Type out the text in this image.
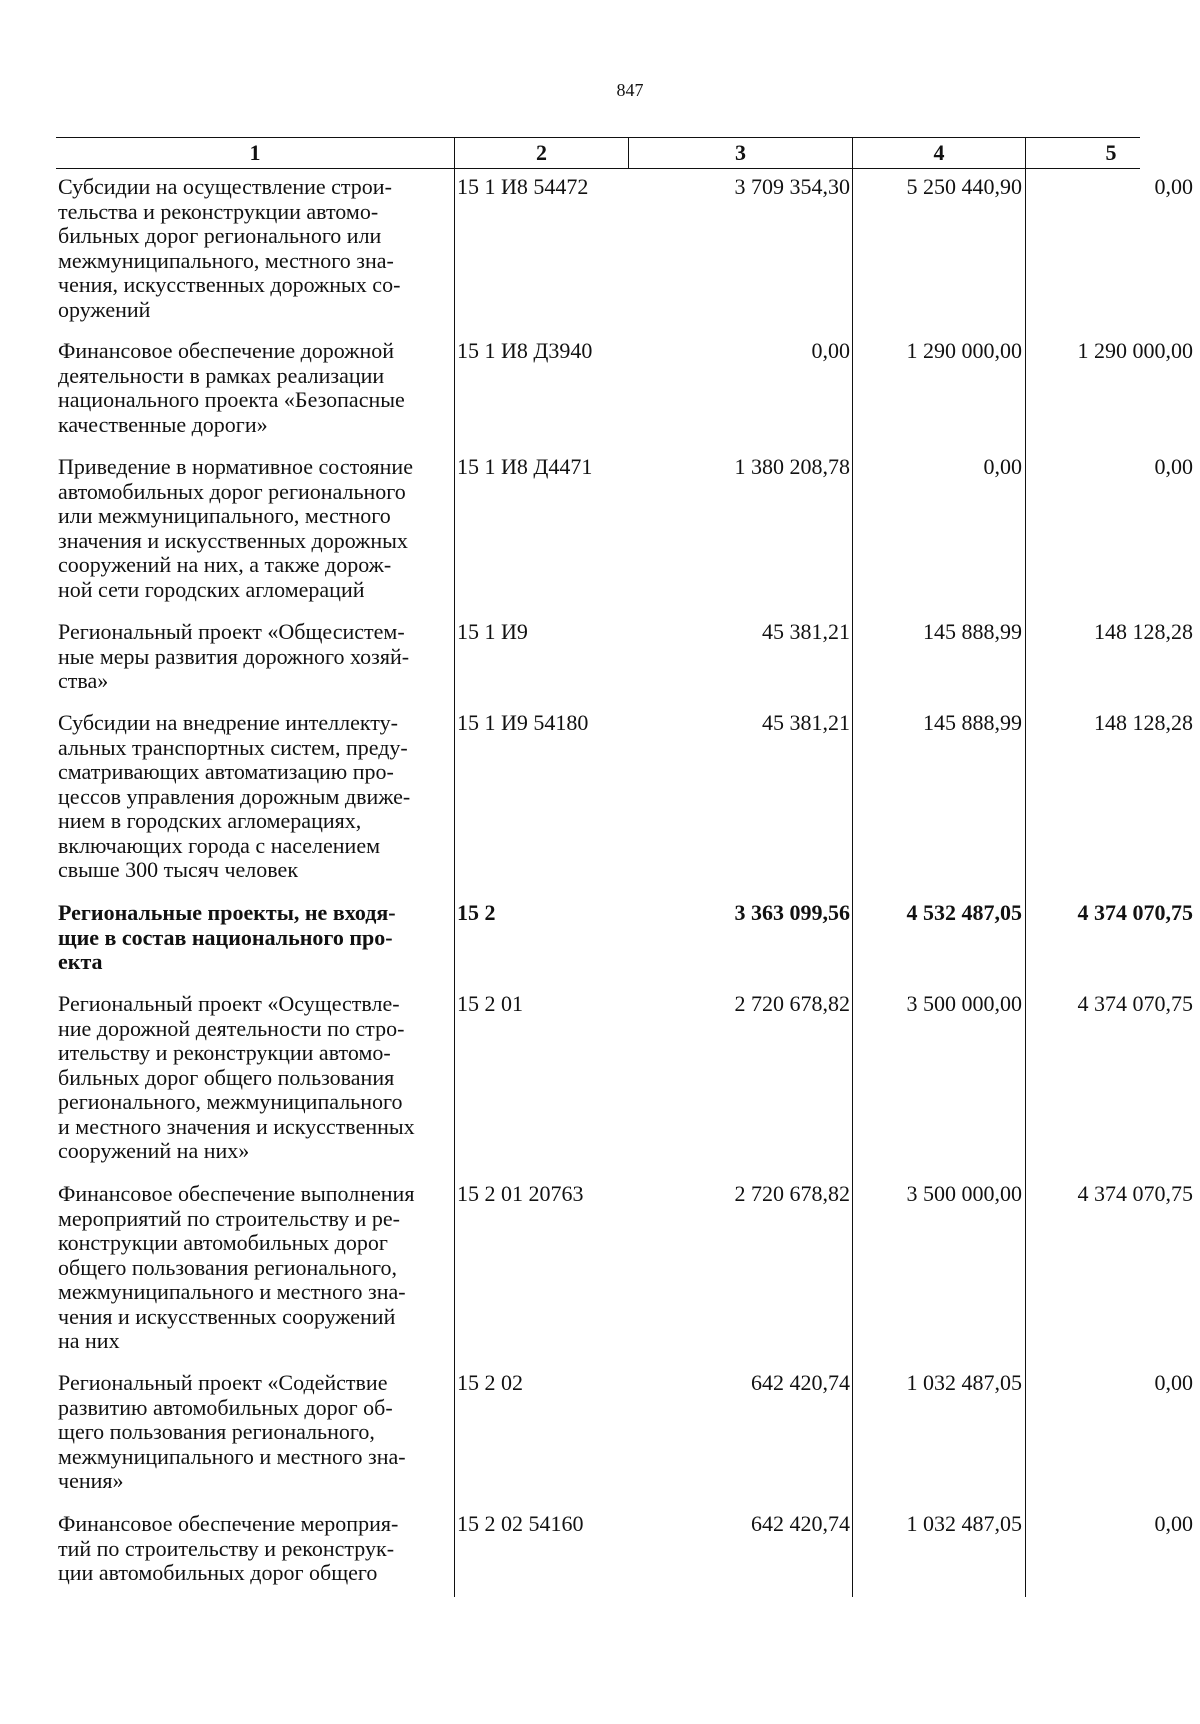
847
1	2	3	4	5
Субсидии на осуществление строи-
тельства и реконструкции автомо-
бильных дорог регионального или
межмуниципального, местного зна-
чения, искусственных дорожных со-
оружений
15 1 И8 54472	3 709 354,30	5 250 440,90	0,00
Финансовое обеспечение дорожной
деятельности в рамках реализации
национального проекта «Безопасные
качественные дороги»
15 1 И8 Д3940	0,00	1 290 000,00	1 290 000,00
Приведение в нормативное состояние
автомобильных дорог регионального
или межмуниципального, местного
значения и искусственных дорожных
сооружений на них, а также дорож-
ной сети городских агломераций
15 1 И8 Д4471	1 380 208,78	0,00	0,00
Региональный проект «Общесистем-
ные меры развития дорожного хозяй-
ства»
15 1 И9	45 381,21	145 888,99	148 128,28
Субсидии на внедрение интеллекту-
альных транспортных систем, преду-
сматривающих автоматизацию про-
цессов управления дорожным движе-
нием в городских агломерациях,
включающих города с населением
свыше 300 тысяч человек
15 1 И9 54180	45 381,21	145 888,99	148 128,28
Региональные проекты, не входя-
щие в состав национального про-
екта
15 2	3 363 099,56	4 532 487,05	4 374 070,75
Региональный проект «Осуществле-
ние дорожной деятельности по стро-
ительству и реконструкции автомо-
бильных дорог общего пользования
регионального, межмуниципального
и местного значения и искусственных
сооружений на них»
15 2 01	2 720 678,82	3 500 000,00	4 374 070,75
Финансовое обеспечение выполнения
мероприятий по строительству и ре-
конструкции автомобильных дорог
общего пользования регионального,
межмуниципального и местного зна-
чения и искусственных сооружений
на них
15 2 01 20763	2 720 678,82	3 500 000,00	4 374 070,75
Региональный проект «Содействие
развитию автомобильных дорог об-
щего пользования регионального,
межмуниципального и местного зна-
чения»
15 2 02	642 420,74	1 032 487,05	0,00
Финансовое обеспечение мероприя-
тий по строительству и реконструк-
ции автомобильных дорог общего
15 2 02 54160	642 420,74	1 032 487,05	0,00
